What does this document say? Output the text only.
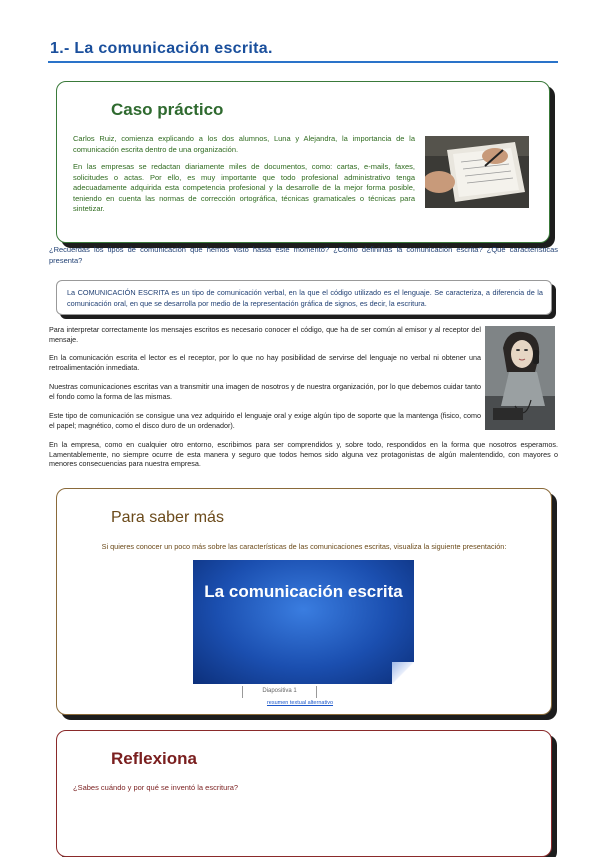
1.- La comunicación escrita.
Caso práctico
Carlos Ruiz, comienza explicando a los dos alumnos, Luna y Alejandra, la importancia de la comunicación escrita dentro de una organización.
En las empresas se redactan diariamente miles de documentos, como: cartas, e-mails, faxes, solicitudes o actas. Por ello, es muy importante que todo profesional administrativo tenga adecuadamente adquirida esta competencia profesional y la desarrolle de la mejor forma posible, teniendo en cuenta las normas de corrección ortográfica, técnicas gramaticales o técnicas para sintetizar.
¿Recuerdas los tipos de comunicación que hemos visto hasta este momento? ¿Cómo definirías la comunicación escrita? ¿Qué características presenta?
La COMUNICACIÓN ESCRITA es un tipo de comunicación verbal, en la que el código utilizado es el lenguaje. Se caracteriza, a diferencia de la comunicación oral, en que se desarrolla por medio de la representación gráfica de signos, es decir, la escritura.
Para interpretar correctamente los mensajes escritos es necesario conocer el código, que ha de ser común al emisor y al receptor del mensaje.
En la comunicación escrita el lector es el receptor, por lo que no hay posibilidad de servirse del lenguaje no verbal ni obtener una retroalimentación inmediata.
Nuestras comunicaciones escritas van a transmitir una imagen de nosotros y de nuestra organización, por lo que debemos cuidar tanto el fondo como la forma de las mismas.
Este tipo de comunicación se consigue una vez adquirido el lenguaje oral y exige algún tipo de soporte que la mantenga (fisico, como el papel; magnético, como el disco duro de un ordenador).
En la empresa, como en cualquier otro entorno, escribimos para ser comprendidos y, sobre todo, respondidos en la forma que nosotros esperamos. Lamentablemente, no siempre ocurre de esta manera y seguro que todos hemos sido alguna vez protagonistas de algún malentendido, con mayores o menores consecuencias para nuestra empresa.
Para saber más
Si quieres conocer un poco más sobre las características de las comunicaciones escritas, visualiza la siguiente presentación:
La comunicación escrita
Diapositiva 1
resumen textual alternativo
Reflexiona
¿Sabes cuándo y por qué se inventó la escritura?
